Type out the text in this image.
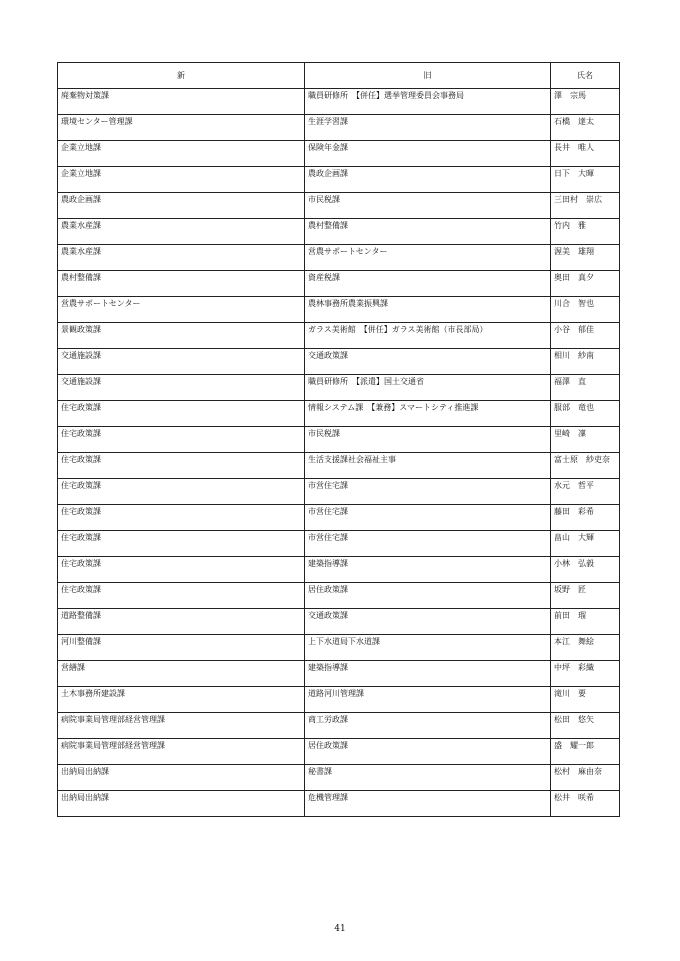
新	旧	氏名
廃棄物対策課	職員研修所　【併任】選挙管理委員会事務局	澤　宗馬
環境センター管理課	生涯学習課	石橋　達太
企業立地課	保険年金課	長井　唯人
企業立地課	農政企画課	日下　大暉
農政企画課	市民税課	三田村　崇広
農業水産課	農村整備課	竹内　雅
農業水産課	営農サポートセンター	渥美　雄翔
農村整備課	資産税課	奥田　真夕
営農サポートセンター	農林事務所農業振興課	川合　智也
景観政策課	ガラス美術館　【併任】ガラス美術館（市長部局）	小谷　郁佳
交通施設課	交通政策課	相川　紗南
交通施設課	職員研修所　【派遣】国土交通省	福澤　直
住宅政策課	情報システム課　【兼務】スマートシティ推進課	服部　竜也
住宅政策課	市民税課	里崎　凜
住宅政策課	生活支援課社会福祉主事	富士原　紗吏奈
住宅政策課	市営住宅課	水元　哲平
住宅政策課	市営住宅課	藤田　彩希
住宅政策課	市営住宅課	畠山　大輝
住宅政策課	建築指導課	小林　弘毅
住宅政策課	居住政策課	坂野　匠
道路整備課	交通政策課	前田　瑠
河川整備課	上下水道局下水道課	本江　舞絵
営繕課	建築指導課	中坪　彩織
土木事務所建設課	道路河川管理課	滝川　要
病院事業局管理部経営管理課	商工労政課	松田　悠矢
病院事業局管理部経営管理課	居住政策課	盛　耀一郎
出納局出納課	秘書課	松村　麻由奈
出納局出納課	危機管理課	松井　咲希
41
